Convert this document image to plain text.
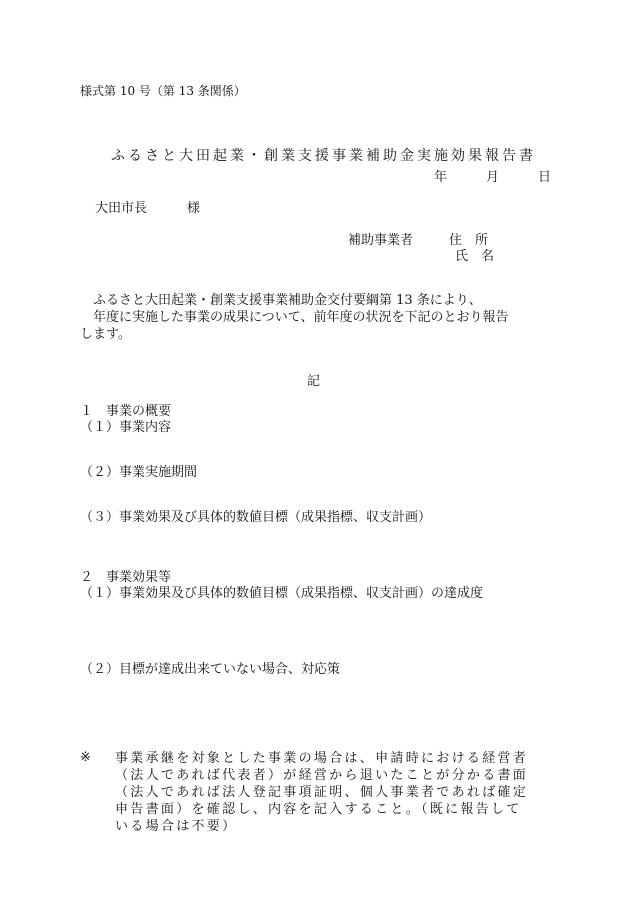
様式第 10 号（第 13 条関係）
ふるさと大田起業・創業支援事業補助金実施効果報告書
年	月	日
大田市長	様
補助事業者	住　所
氏　名
ふるさと大田起業・創業支援事業補助金交付要綱第 13 条により、
年度に実施した事業の成果について、前年度の状況を下記のとおり報告
します。
記
１　事業の概要
（１）事業内容
（２）事業実施期間
（３）事業効果及び具体的数値目標（成果指標、収支計画）
２　事業効果等
（１）事業効果及び具体的数値目標（成果指標、収支計画）の達成度
（２）目標が達成出来ていない場合、対応策
※ 事業承継を対象とした事業の場合は、申請時における経営者
（法人であれば代表者）が経営から退いたことが分かる書面
（法人であれば法人登記事項証明、個人事業者であれば確定
申告書面）を確認し、内容を記入すること。（既に報告して
いる場合は不要）
